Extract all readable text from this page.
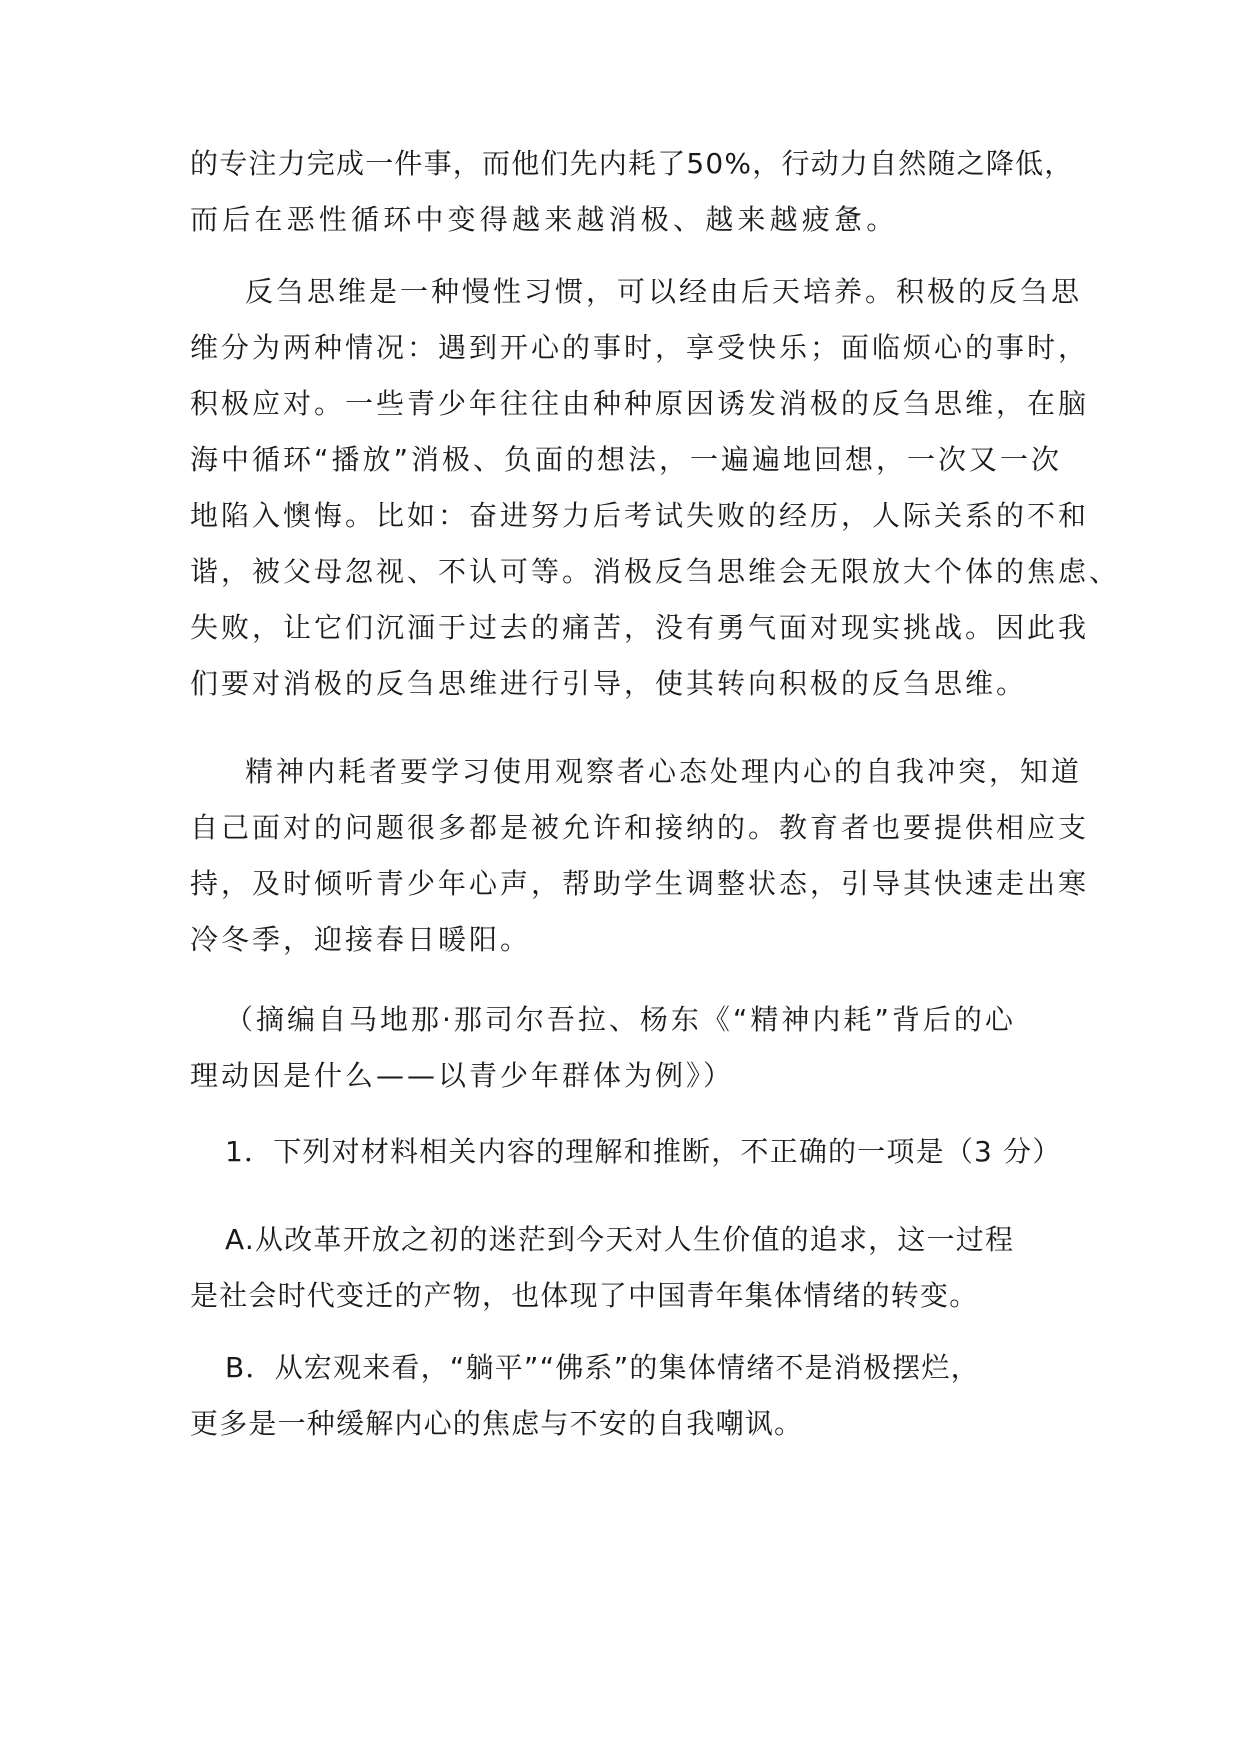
的专注力完成一件事，而他们先内耗了50%，行动力自然随之降低，
而后在恶性循环中变得越来越消极、越来越疲惫。
反刍思维是一种慢性习惯，可以经由后天培养。积极的反刍思
维分为两种情况：遇到开心的事时，享受快乐；面临烦心的事时，
积极应对。一些青少年往往由种种原因诱发消极的反刍思维，在脑
海中循环“播放”消极、负面的想法，一遍遍地回想，一次又一次
地陷入懊悔。比如：奋进努力后考试失败的经历，人际关系的不和
谐，被父母忽视、不认可等。消极反刍思维会无限放大个体的焦虑、
失败，让它们沉湎于过去的痛苦，没有勇气面对现实挑战。因此我
们要对消极的反刍思维进行引导，使其转向积极的反刍思维。
精神内耗者要学习使用观察者心态处理内心的自我冲突，知道
自己面对的问题很多都是被允许和接纳的。教育者也要提供相应支
持，及时倾听青少年心声，帮助学生调整状态，引导其快速走出寒
冷冬季，迎接春日暖阳。
（摘编自马地那·那司尔吾拉、杨东《“精神内耗”背后的心
理动因是什么——以青少年群体为例》）
1．下列对材料相关内容的理解和推断，不正确的一项是（3 分）
A.从改革开放之初的迷茫到今天对人生价值的追求，这一过程
是社会时代变迁的产物，也体现了中国青年集体情绪的转变。
B．从宏观来看，“躺平”“佛系”的集体情绪不是消极摆烂，
更多是一种缓解内心的焦虑与不安的自我嘲讽。
